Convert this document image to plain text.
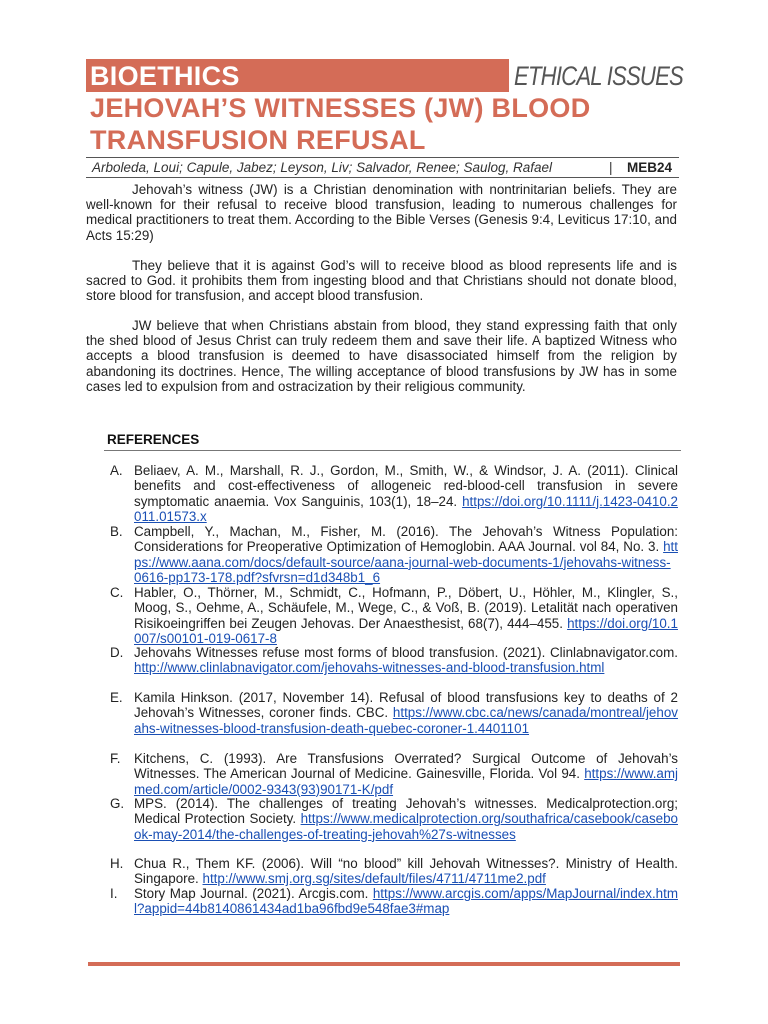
BIOETHICS	ETHICAL ISSUES
JEHOVAH’S WITNESSES (JW) BLOOD
TRANSFUSION REFUSAL
Arboleda, Loui; Capule, Jabez; Leyson, Liv; Salvador, Renee; Saulog, Rafael	| MEB24

Jehovah’s witness (JW) is a Christian denomination with nontrinitarian beliefs. They are well-known for their refusal to receive blood transfusion, leading to numerous challenges for medical practitioners to treat them. According to the Bible Verses (Genesis 9:4, Leviticus 17:10, and Acts 15:29)

They believe that it is against God’s will to receive blood as blood represents life and is sacred to God. it prohibits them from ingesting blood and that Christians should not donate blood, store blood for transfusion, and accept blood transfusion.

JW believe that when Christians abstain from blood, they stand expressing faith that only the shed blood of Jesus Christ can truly redeem them and save their life. A baptized Witness who accepts a blood transfusion is deemed to have disassociated himself from the religion by abandoning its doctrines. Hence, The willing acceptance of blood transfusions by JW has in some cases led to expulsion from and ostracization by their religious community.

REFERENCES
A. Beliaev, A. M., Marshall, R. J., Gordon, M., Smith, W., & Windsor, J. A. (2011). Clinical benefits and cost-effectiveness of allogeneic red-blood-cell transfusion in severe symptomatic anaemia. Vox Sanguinis, 103(1), 18–24. https://doi.org/10.1111/j.1423-0410.2011.01573.x
B. Campbell, Y., Machan, M., Fisher, M. (2016). The Jehovah’s Witness Population: Considerations for Preoperative Optimization of Hemoglobin. AAA Journal. vol 84, No. 3. https://www.aana.com/docs/default-source/aana-journal-web-documents-1/jehovahs-witness-0616-pp173-178.pdf?sfvrsn=d1d348b1_6
C. Habler, O., Thörner, M., Schmidt, C., Hofmann, P., Döbert, U., Höhler, M., Klingler, S., Moog, S., Oehme, A., Schäufele, M., Wege, C., & Voß, B. (2019). Letalität nach operativen Risikoeingriffen bei Zeugen Jehovas. Der Anaesthesist, 68(7), 444–455. https://doi.org/10.1007/s00101-019-0617-8
D. Jehovahs Witnesses refuse most forms of blood transfusion. (2021). Clinlabnavigator.com. http://www.clinlabnavigator.com/jehovahs-witnesses-and-blood-transfusion.html
E. Kamila Hinkson. (2017, November 14). Refusal of blood transfusions key to deaths of 2 Jehovah’s Witnesses, coroner finds. CBC. https://www.cbc.ca/news/canada/montreal/jehovahs-witnesses-blood-transfusion-death-quebec-coroner-1.4401101
F. Kitchens, C. (1993). Are Transfusions Overrated? Surgical Outcome of Jehovah’s Witnesses. The American Journal of Medicine. Gainesville, Florida. Vol 94. https://www.amjmed.com/article/0002-9343(93)90171-K/pdf
G. MPS. (2014). The challenges of treating Jehovah’s witnesses. Medicalprotection.org; Medical Protection Society. https://www.medicalprotection.org/southafrica/casebook/casebook-may-2014/the-challenges-of-treating-jehovah%27s-witnesses
H. Chua R., Them KF. (2006). Will “no blood” kill Jehovah Witnesses?. Ministry of Health. Singapore. http://www.smj.org.sg/sites/default/files/4711/4711me2.pdf
I. Story Map Journal. (2021). Arcgis.com. https://www.arcgis.com/apps/MapJournal/index.html?appid=44b8140861434ad1ba96fbd9e548fae3#map
